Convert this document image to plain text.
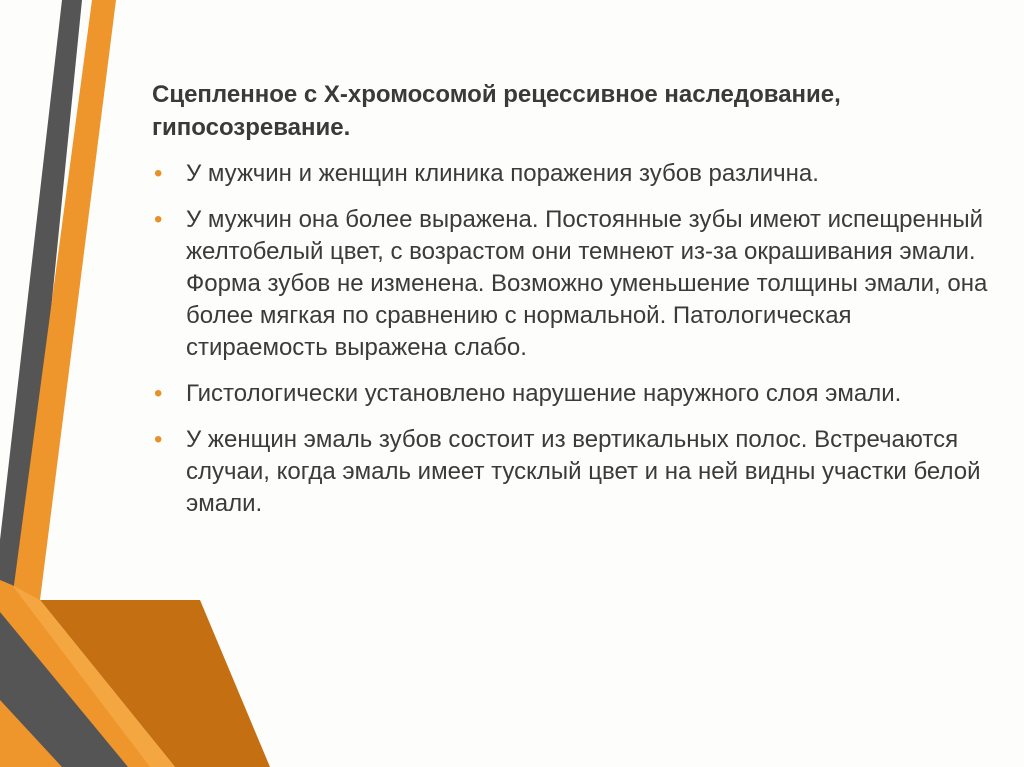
Сцепленное с Х-хромосомой рецессивное наследование, гипосозревание.
• У мужчин и женщин клиника поражения зубов различна.
• У мужчин она более выражена. Постоянные зубы имеют испещренный желтобелый цвет, с возрастом они темнеют из-за окрашивания эмали. Форма зубов не изменена. Возможно уменьшение толщины эмали, она более мягкая по сравнению с нормальной. Патологическая стираемость выражена слабо.
• Гистологически установлено нарушение наружного слоя эмали.
• У женщин эмаль зубов состоит из вертикальных полос. Встречаются случаи, когда эмаль имеет тусклый цвет и на ней видны участки белой эмали.
